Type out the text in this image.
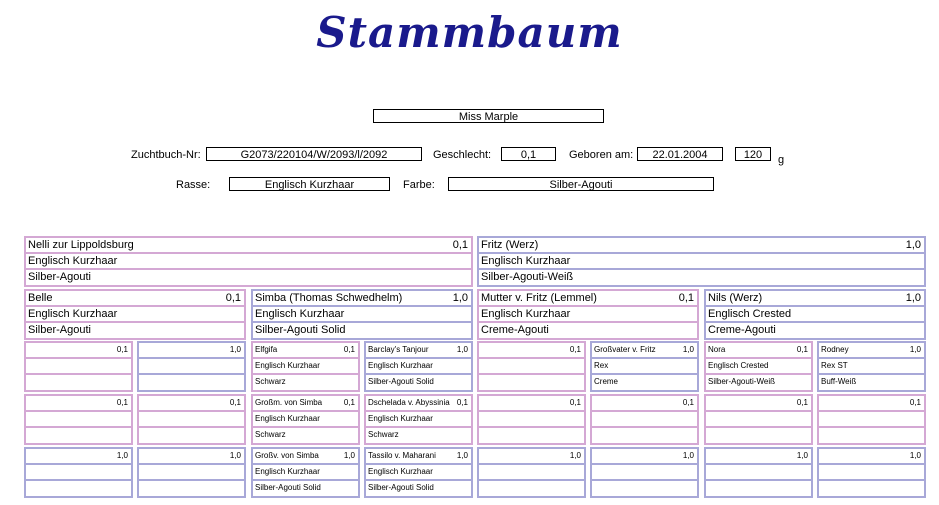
Stammbaum
Miss Marple
Zuchtbuch-Nr:	G2073/220104/W/2093/l/2092	Geschlecht:	0,1	Geboren am:	22.01.2004	120	g
Rasse:	Englisch Kurzhaar	Farbe:	Silber-Agouti
Nelli zur Lippoldsburg	0,1
Englisch Kurzhaar
Silber-Agouti
Fritz (Werz)	1,0
Englisch Kurzhaar
Silber-Agouti-Weiß
Belle	0,1
Englisch Kurzhaar
Silber-Agouti
Simba (Thomas Schwedhelm)	1,0
Englisch Kurzhaar
Silber-Agouti Solid
Mutter v. Fritz (Lemmel)	0,1
Englisch Kurzhaar
Creme-Agouti
Nils (Werz)	1,0
Englisch Crested
Creme-Agouti
0,1	1,0 Elfgifa	0,1
Englisch Kurzhaar
Schwarz
Barclay's Tanjour	1,0
Englisch Kurzhaar
Silber-Agouti Solid
0,1 Großvater v. Fritz	1,0
Rex
Creme
Nora	0,1
Englisch Crested
Silber-Agouti-Weiß
Rodney	1,0
Rex ST
Buff-Weiß
0,1	0,1 Großm. von Simba	0,1
Englisch Kurzhaar
Schwarz
Dschelada v. Abyssinia 0,1
Englisch Kurzhaar
Schwarz
0,1	0,1	0,1	0,1
1,0	1,0 Großv. von Simba	1,0
Englisch Kurzhaar
Silber-Agouti Solid
Tassilo v. Maharani	1,0
Englisch Kurzhaar
Silber-Agouti Solid
1,0	1,0	1,0	1,0
